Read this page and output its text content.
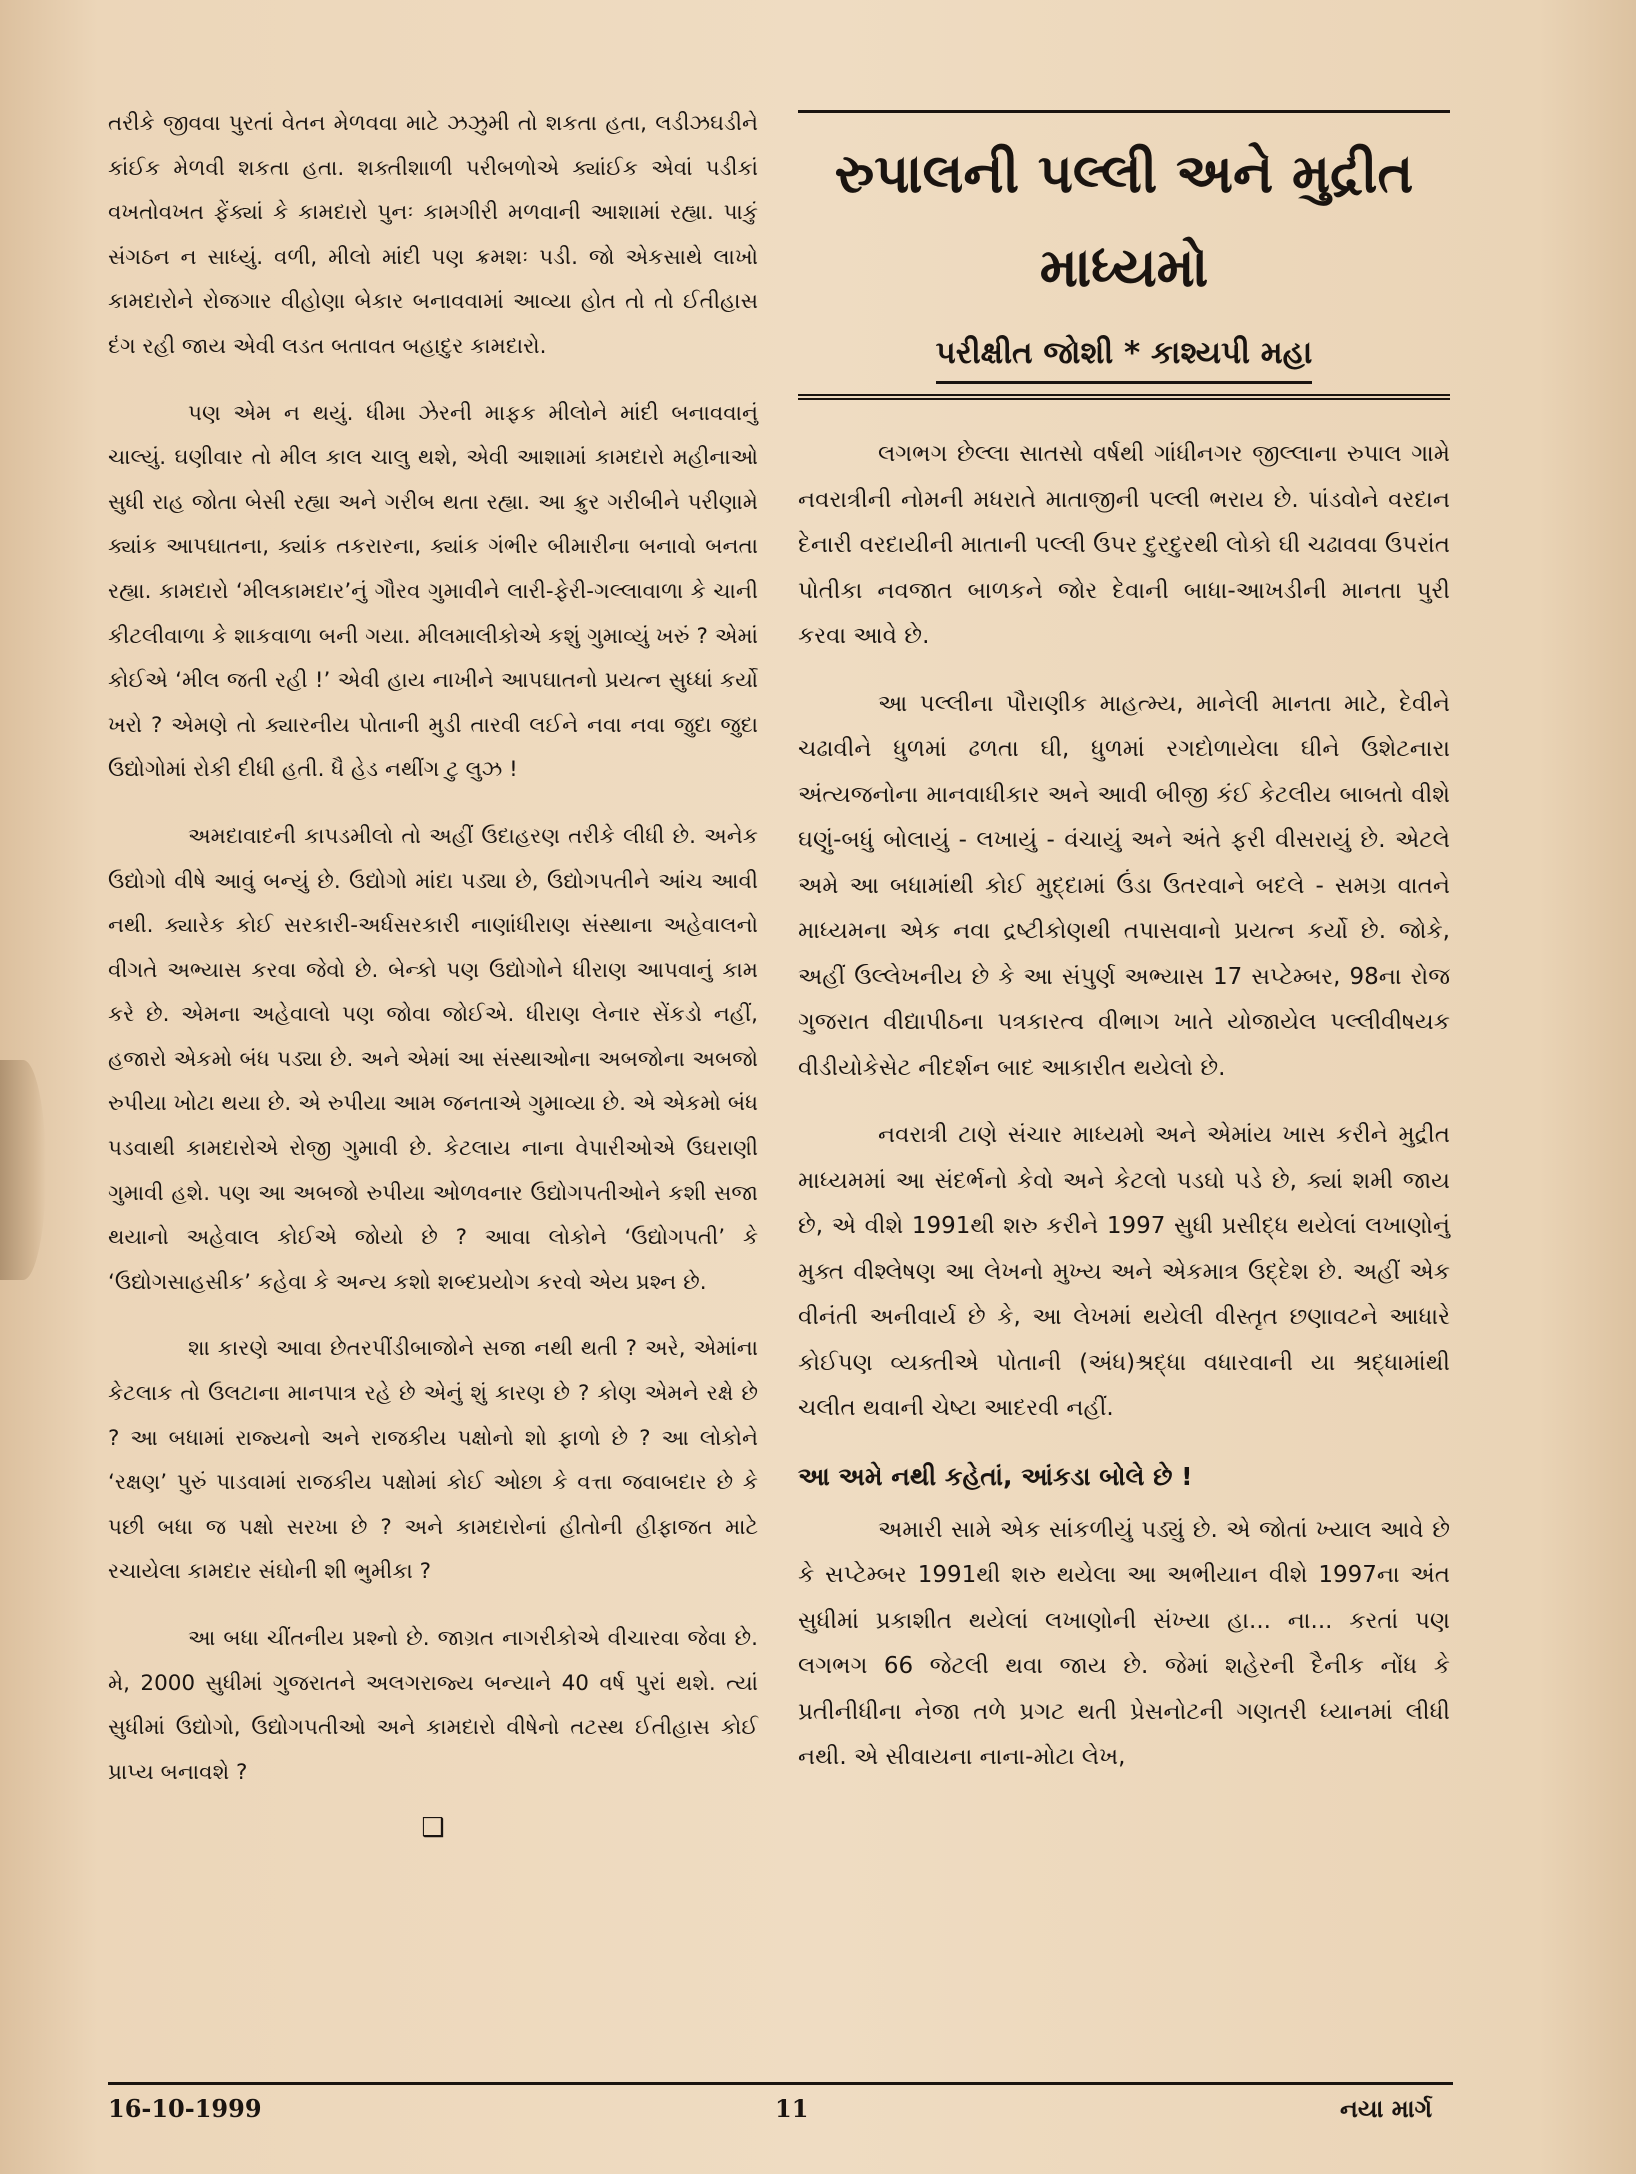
તરીકે જીવવા પુરતાં વેતન મેળવવા માટે ઝઝુમી તો શકતા હતા, લડીઝઘડીને કાંઈક મેળવી શકતા હતા. શક્તીશાળી પરીબળોએ ક્યાંઈક એવાં પડીકાં વખતોવખત ફેંક્યાં કે કામદારો પુનઃ કામગીરી મળવાની આશામાં રહ્યા. પાકું સંગઠન ન સાધ્યું. વળી, મીલો માંદી પણ ક્રમશઃ પડી. જો એકસાથે લાખો કામદારોને રોજગાર વીહોણા બેકાર બનાવવામાં આવ્યા હોત તો તો ઈતીહાસ દંગ રહી જાય એવી લડત બતાવત બહાદુર કામદારો.

પણ એમ ન થયું. ધીમા ઝેરની માફક મીલોને માંદી બનાવવાનું ચાલ્યું. ઘણીવાર તો મીલ કાલ ચાલુ થશે, એવી આશામાં કામદારો મહીનાઓ સુધી રાહ જોતા બેસી રહ્યા અને ગરીબ થતા રહ્યા. આ ક્રુર ગરીબીને પરીણામે ક્યાંક આપઘાતના, ક્યાંક તકરારના, ક્યાંક ગંભીર બીમારીના બનાવો બનતા રહ્યા. કામદારો ‘મીલકામદાર’નું ગૌરવ ગુમાવીને લારી-ફેરી-ગલ્લાવાળા કે ચાની કીટલીવાળા કે શાકવાળા બની ગયા. મીલમાલીકોએ કશું ગુમાવ્યું ખરું ? એમાં કોઈએ ‘મીલ જતી રહી !’ એવી હાય નાખીને આપઘાતનો પ્રયત્ન સુધ્ધાં કર્યો ખરો ? એમણે તો ક્યારનીય પોતાની મુડી તારવી લઈને નવા નવા જુદા જુદા ઉદ્યોગોમાં રોકી દીધી હતી. ધૈ હેડ નથીંગ ટુ લુઝ !

અમદાવાદની કાપડમીલો તો અહીં ઉદાહરણ તરીકે લીધી છે. અનેક ઉદ્યોગો વીષે આવું બન્યું છે. ઉદ્યોગો માંદા પડ્યા છે, ઉદ્યોગપતીને આંચ આવી નથી. ક્યારેક કોઈ સરકારી-અર્ધસરકારી નાણાંધીરાણ સંસ્થાના અહેવાલનો વીગતે અભ્યાસ કરવા જેવો છે. બેન્કો પણ ઉદ્યોગોને ધીરાણ આપવાનું કામ કરે છે. એમના અહેવાલો પણ જોવા જોઈએ. ધીરાણ લેનાર સેંકડો નહીં, હજારો એકમો બંધ પડ્યા છે. અને એમાં આ સંસ્થાઓના અબજોના અબજો રુપીયા ખોટા થયા છે. એ રુપીયા આમ જનતાએ ગુમાવ્યા છે. એ એકમો બંધ પડવાથી કામદારોએ રોજી ગુમાવી છે. કેટલાય નાના વેપારીઓએ ઉઘરાણી ગુમાવી હશે. પણ આ અબજો રુપીયા ઓળવનાર ઉદ્યોગપતીઓને કશી સજા થયાનો અહેવાલ કોઈએ જોયો છે ? આવા લોકોને ‘ઉદ્યોગપતી’ કે ‘ઉદ્યોગસાહસીક’ કહેવા કે અન્ય કશો શબ્દપ્રયોગ કરવો એય પ્રશ્ન છે.

શા કારણે આવા છેતરપીંડીબાજોને સજા નથી થતી ? અરે, એમાંના કેટલાક તો ઉલટાના માનપાત્ર રહે છે એનું શું કારણ છે ? કોણ એમને રક્ષે છે ? આ બધામાં રાજ્યનો અને રાજકીય પક્ષોનો શો ફાળો છે ? આ લોકોને ‘રક્ષણ’ પુરું પાડવામાં રાજકીય પક્ષોમાં કોઈ ઓછા કે વત્તા જવાબદાર છે કે પછી બધા જ પક્ષો સરખા છે ? અને કામદારોનાં હીતોની હીફાજત માટે રચાયેલા કામદાર સંઘોની શી ભુમીકા ?

આ બધા ચીંતનીય પ્રશ્નો છે. જાગ્રત નાગરીકોએ વીચારવા જેવા છે. મે, 2000 સુધીમાં ગુજરાતને અલગરાજ્ય બન્યાને 40 વર્ષ પુરાં થશે. ત્યાં સુધીમાં ઉદ્યોગો, ઉદ્યોગપતીઓ અને કામદારો વીષેનો તટસ્થ ઈતીહાસ કોઈ પ્રાપ્ય બનાવશે ?

❑
રુપાલની પલ્લી અને મુદ્રીત
માધ્યમો
પરીક્ષીત જોશી * કાશ્યપી મહા

લગભગ છેલ્લા સાતસો વર્ષથી ગાંધીનગર જીલ્લાના રુપાલ ગામે નવરાત્રીની નોમની મધરાતે માતાજીની પલ્લી ભરાય છે. પાંડવોને વરદાન દેનારી વરદાયીની માતાની પલ્લી ઉપર દુરદુરથી લોકો ઘી ચઢાવવા ઉપરાંત પોતીકા નવજાત બાળકને જોર દેવાની બાધા-આખડીની માનતા પુરી કરવા આવે છે.

આ પલ્લીના પૌરાણીક માહત્મ્ય, માનેલી માનતા માટે, દેવીને ચઢાવીને ધુળમાં ઢળતા ઘી, ધુળમાં રગદોળાયેલા ઘીને ઉશેટનારા અંત્યજનોના માનવાધીકાર અને આવી બીજી કંઈ કેટલીય બાબતો વીશે ઘણું-બધું બોલાયું - લખાયું - વંચાયું અને અંતે ફરી વીસરાયું છે. એટલે અમે આ બધામાંથી કોઈ મુદ્દામાં ઉંડા ઉતરવાને બદલે - સમગ્ર વાતને માધ્યમના એક નવા દ્રષ્ટીકોણથી તપાસવાનો પ્રયત્ન કર્યો છે. જોકે, અહીં ઉલ્લેખનીય છે કે આ સંપુર્ણ અભ્યાસ 17 સપ્ટેમ્બર, 98ના રોજ ગુજરાત વીદ્યાપીઠના પત્રકારત્વ વીભાગ ખાતે યોજાયેલ પલ્લીવીષયક વીડીયોકેસેટ નીદર્શન બાદ આકારીત થયેલો છે.

નવરાત્રી ટાણે સંચાર માધ્યમો અને એમાંય ખાસ કરીને મુદ્રીત માધ્યમમાં આ સંદર્ભનો કેવો અને કેટલો પડઘો પડે છે, ક્યાં શમી જાય છે, એ વીશે 1991થી શરુ કરીને 1997 સુધી પ્રસીદ્ધ થયેલાં લખાણોનું મુક્ત વીશ્લેષણ આ લેખનો મુખ્ય અને એકમાત્ર ઉદ્દેશ છે. અહીં એક વીનંતી અનીવાર્ય છે કે, આ લેખમાં થયેલી વીસ્તૃત છણાવટને આધારે કોઈપણ વ્યક્તીએ પોતાની (અંધ)શ્રદ્ધા વધારવાની યા શ્રદ્ધામાંથી ચલીત થવાની ચેષ્ટા આદરવી નહીં.

આ અમે નથી કહેતાં, આંકડા બોલે છે !

અમારી સામે એક સાંકળીયું પડ્યું છે. એ જોતાં ખ્યાલ આવે છે કે સપ્ટેમ્બર 1991થી શરુ થયેલા આ અભીયાન વીશે 1997ના અંત સુધીમાં પ્રકાશીત થયેલાં લખાણોની સંખ્યા હા... ના... કરતાં પણ લગભગ 66 જેટલી થવા જાય છે. જેમાં શહેરની દૈનીક નોંધ કે પ્રતીનીધીના નેજા તળે પ્રગટ થતી પ્રેસનોટની ગણતરી ધ્યાનમાં લીધી નથી. એ સીવાયના નાના-મોટા લેખ,

16-10-1999	11	નયા માર્ગ
